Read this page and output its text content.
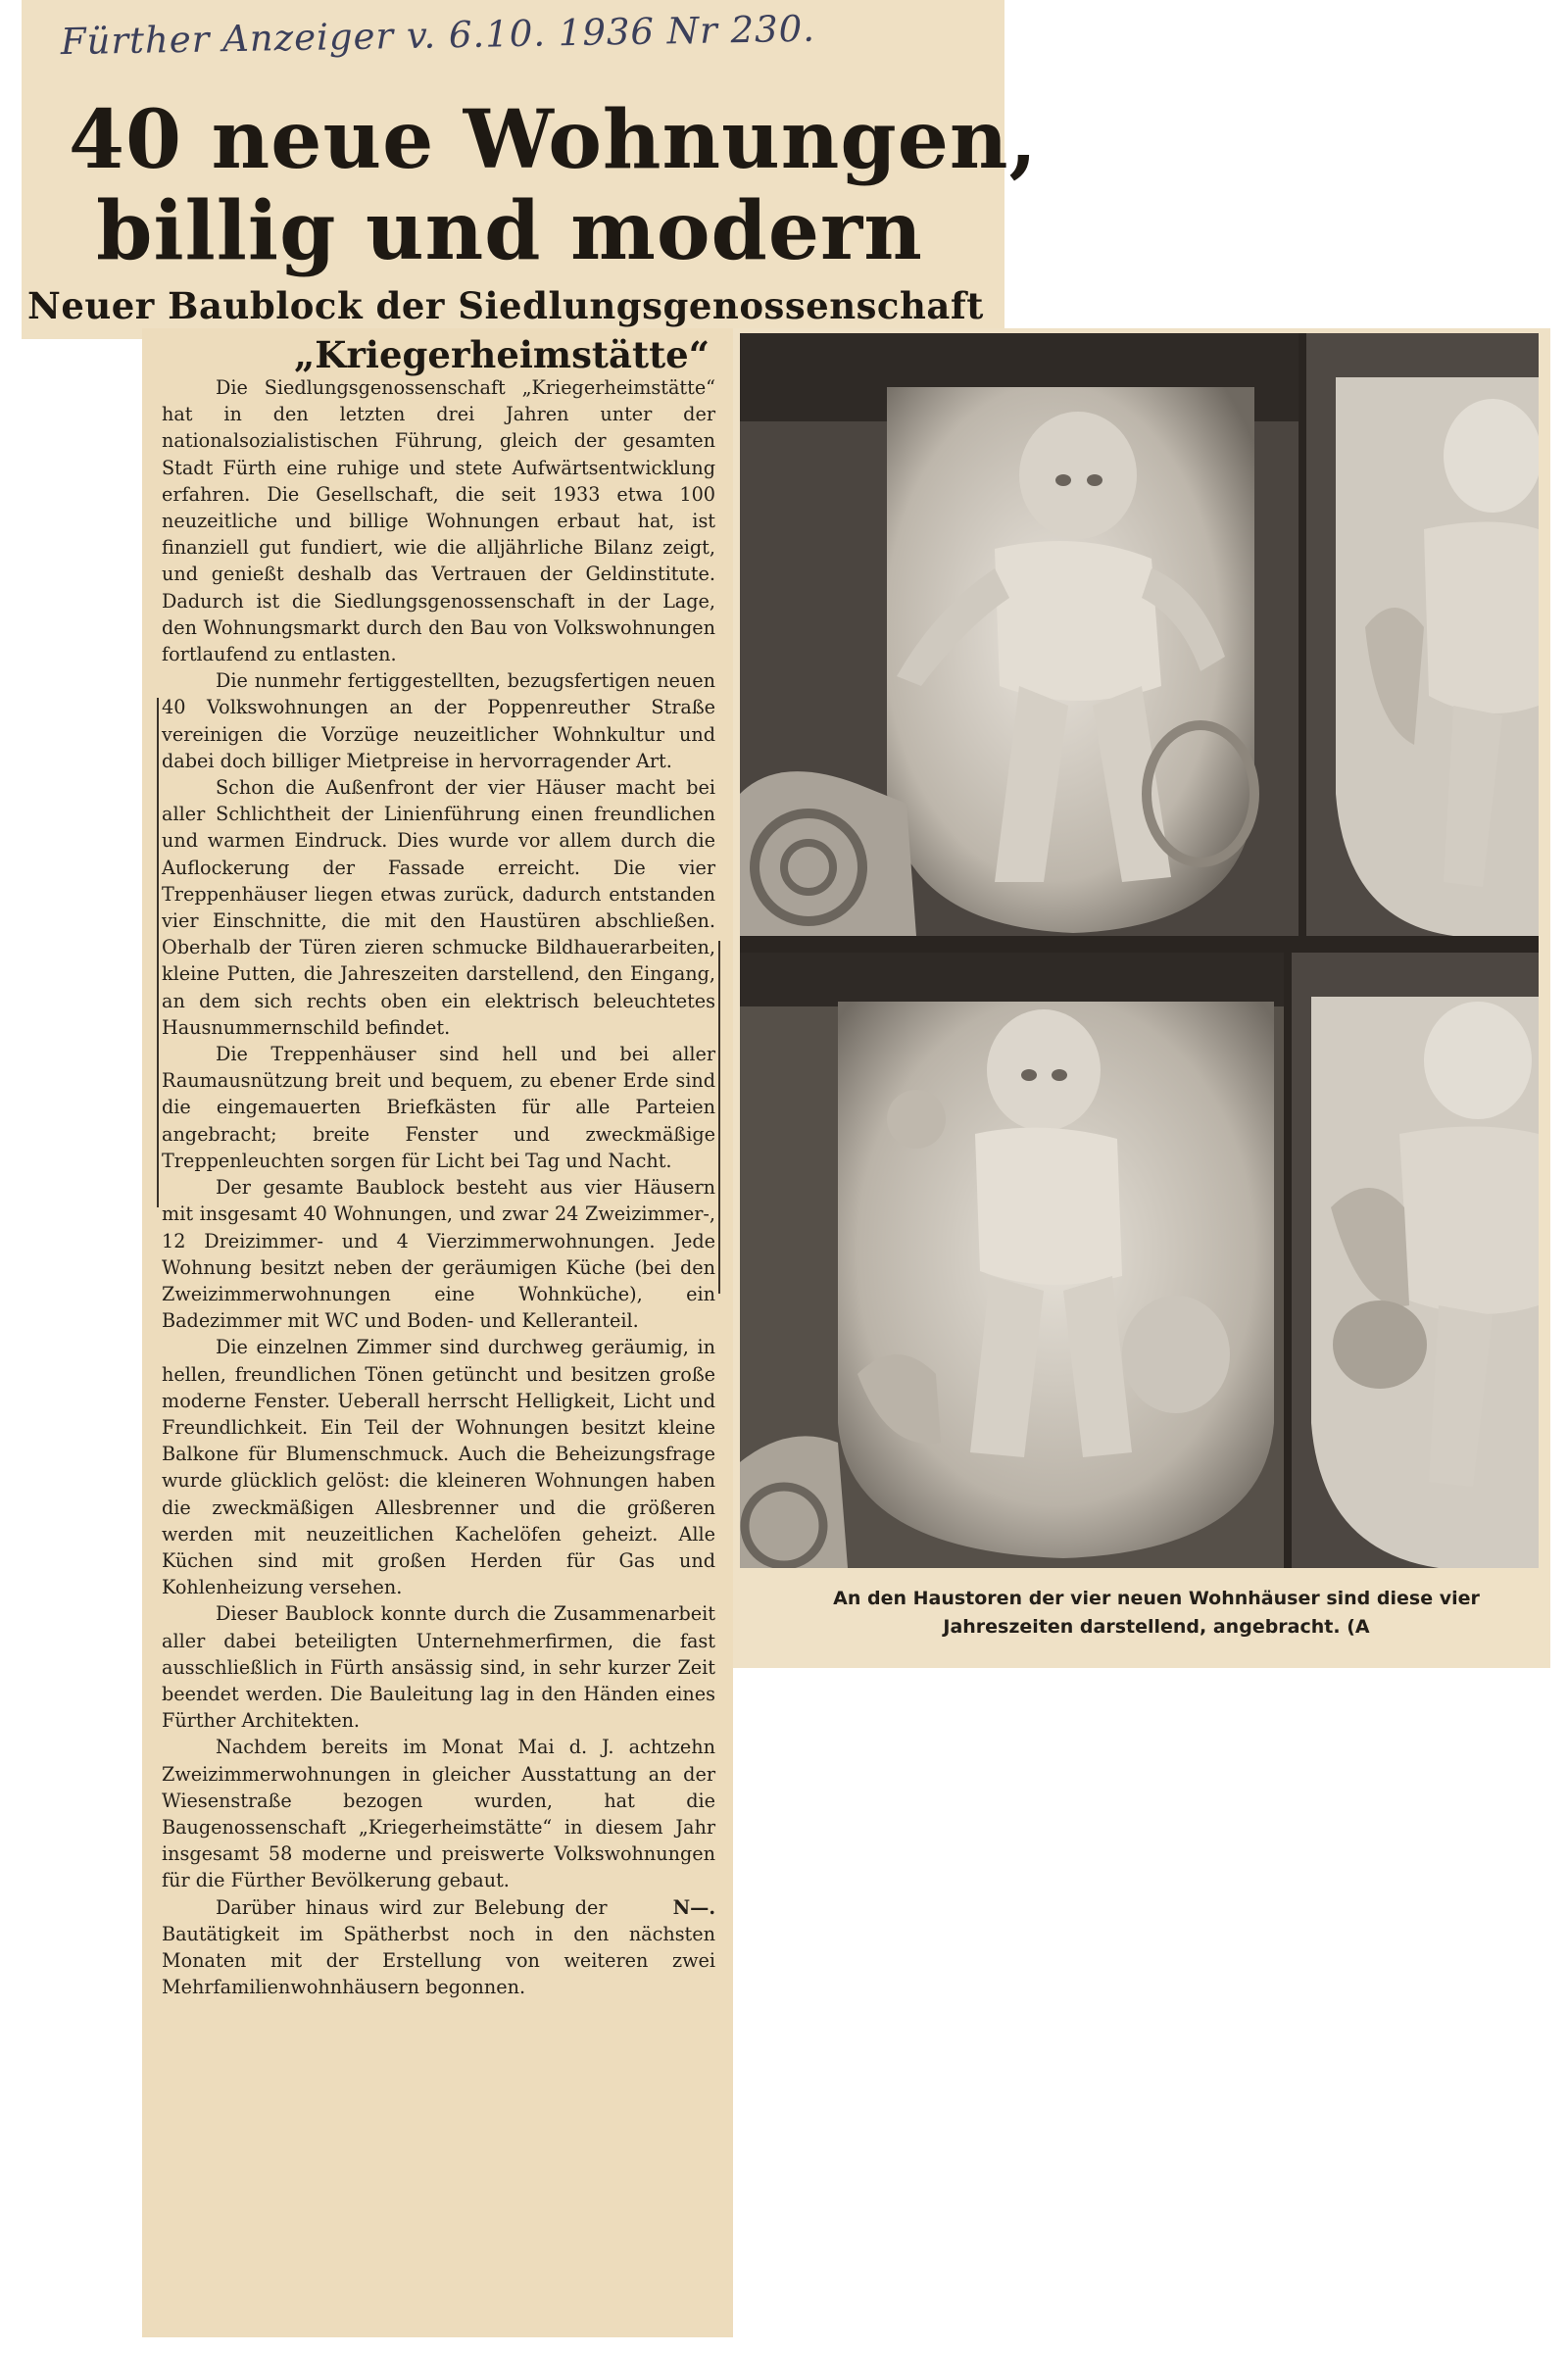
Fürther Anzeiger v. 6.10. 1936 Nr 230.
40 neue Wohnungen,
billig und modern
Neuer Baublock der Siedlungsgenossenschaft
„Kriegerheimstätte“

Die Siedlungsgenossenschaft „Kriegerheimstätte“ hat in den letzten drei Jahren unter der nationalsozialistischen Führung, gleich der gesamten Stadt Fürth eine ruhige und stete Aufwärtsentwicklung erfahren. Die Gesellschaft, die seit 1933 etwa 100 neuzeitliche und billige Wohnungen erbaut hat, ist finanziell gut fundiert, wie die alljährliche Bilanz zeigt, und genießt deshalb das Vertrauen der Geldinstitute. Dadurch ist die Siedlungsgenossenschaft in der Lage, den Wohnungsmarkt durch den Bau von Volkswohnungen fortlaufend zu entlasten.

Die nunmehr fertiggestellten, bezugsfertigen neuen 40 Volkswohnungen an der Poppenreuther Straße vereinigen die Vorzüge neuzeitlicher Wohnkultur und dabei doch billiger Mietpreise in hervorragender Art.

Schon die Außenfront der vier Häuser macht bei aller Schlichtheit der Linienführung einen freundlichen und warmen Eindruck. Dies wurde vor allem durch die Auflockerung der Fassade erreicht. Die vier Treppenhäuser liegen etwas zurück, dadurch entstanden vier Einschnitte, die mit den Haustüren abschließen. Oberhalb der Türen zieren schmucke Bildhauerarbeiten, kleine Putten, die Jahreszeiten darstellend, den Eingang, an dem sich rechts oben ein elektrisch beleuchtetes Hausnummernschild befindet.

Die Treppenhäuser sind hell und bei aller Raumausnützung breit und bequem, zu ebener Erde sind die eingemauerten Briefkästen für alle Parteien angebracht; breite Fenster und zweckmäßige Treppenleuchten sorgen für Licht bei Tag und Nacht.

Der gesamte Baublock besteht aus vier Häusern mit insgesamt 40 Wohnungen, und zwar 24 Zweizimmer-, 12 Dreizimmer- und 4 Vierzimmerwohnungen. Jede Wohnung besitzt neben der geräumigen Küche (bei den Zweizimmerwohnungen eine Wohnküche), ein Badezimmer mit WC und Boden- und Kelleranteil.

Die einzelnen Zimmer sind durchweg geräumig, in hellen, freundlichen Tönen getüncht und besitzen große moderne Fenster. Ueberall herrscht Helligkeit, Licht und Freundlichkeit. Ein Teil der Wohnungen besitzt kleine Balkone für Blumenschmuck. Auch die Beheizungsfrage wurde glücklich gelöst: die kleineren Wohnungen haben die zweckmäßigen Allesbrenner und die größeren werden mit neuzeitlichen Kachelöfen geheizt. Alle Küchen sind mit großen Herden für Gas und Kohlenheizung versehen.

Dieser Baublock konnte durch die Zusammenarbeit aller dabei beteiligten Unternehmerfirmen, die fast ausschließlich in Fürth ansässig sind, in sehr kurzer Zeit beendet werden. Die Bauleitung lag in den Händen eines Fürther Architekten.

Nachdem bereits im Monat Mai d. J. achtzehn Zweizimmerwohnungen in gleicher Ausstattung an der Wiesenstraße bezogen wurden, hat die Baugenossenschaft „Kriegerheimstätte“ in diesem Jahr insgesamt 58 moderne und preiswerte Volkswohnungen für die Fürther Bevölkerung gebaut.

N—.
Darüber hinaus wird zur Belebung der Bautätigkeit im Spätherbst noch in den nächsten Monaten mit der Erstellung von weiteren zwei Mehrfamilienwohnhäusern begonnen.

An den Haustoren der vier neuen Wohnhäuser sind diese vier
Jahreszeiten darstellend, angebracht. (A
